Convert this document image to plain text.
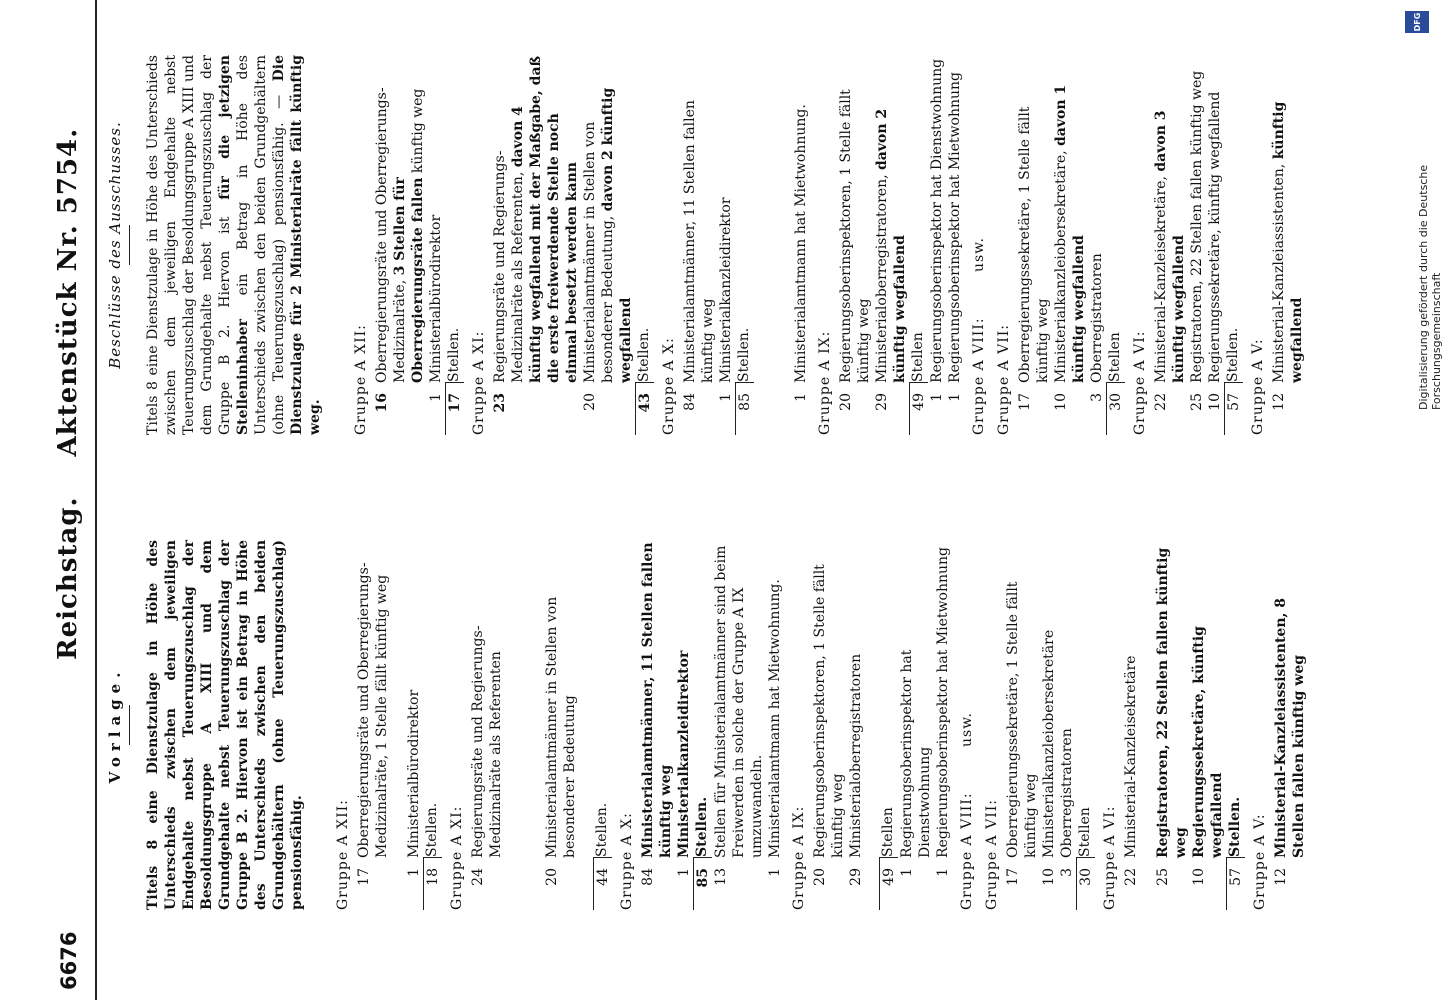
DFG
Digitalisierung gefördert durch die Deutsche Forschungsgemeinschaft
6676
Reichstag.Aktenstück Nr. 5754.
Vorlage. Titels 8 eine Dienstzulage in Höhe des Unterschieds zwischen dem jeweiligen Endgehalte nebst Teuerungszuschlag der Besoldungsgruppe A XIII und dem Grundgehalte nebst Teuerungszuschlag der Gruppe B 2. Hiervon ist ein Betrag in Höhe des Unterschieds zwischen den beiden Grundgehältern (ohne Teuerungszuschlag) pensionsfähig. Gruppe A XII: 17
Oberregierungsräte und Oberregierungs-Medizinalräte, 1 Stelle fällt künftig weg
1
Ministerialbürodirektor
18
Stellen. Gruppe A XI: 24
Regierungsräte und Regierungs-Medizinalräte als Referenten
20
Ministerialamtmänner in Stellen von besonderer Bedeutung
44
Stellen. Gruppe A X: 84
Ministerialamtmänner, 11 Stellen fallen künftig weg
1
Ministerialkanzleidirektor
85
Stellen.
13
Stellen für Ministerialamtmänner sind beim Freiwerden in solche der Gruppe A IX umzuwandeln.
1
Ministerialamtmann hat Mietwohnung. Gruppe A IX: 20
Regierungsoberinspektoren, 1 Stelle fällt künftig weg
29
Ministerialoberregistratoren
49
Stellen
1
Regierungsoberinspektor hat Dienstwohnung
1
Regierungsoberinspektor hat Mietwohnung Gruppe A VIII: usw.
Gruppe A VII: 17
Oberregierungssekretäre, 1 Stelle fällt künftig weg
10
Ministerialkanzleiobersekretäre
3
Oberregistratoren
30
Stellen Gruppe A VI: 22
Ministerial-Kanzleisekretäre
25
Registratoren, 22 Stellen fallen künftig weg
10
Regierungssekretäre, künftig wegfallend
57
Stellen. Gruppe A V: 12
Ministerial-Kanzleiassistenten, 8 Stellen fallen künftig weg
Beschlüsse des Ausschusses. Titels 8 eine Dienstzulage in Höhe des Unterschieds zwischen dem jeweiligen Endgehalte nebst Teuerungszuschlag der Besoldungsgruppe A XIII und dem Grundgehalte nebst Teuerungszuschlag der Gruppe B 2. Hiervon ist für die jetzigen Stelleninhaber ein Betrag in Höhe des Unterschieds zwischen den beiden Grundgehältern (ohne Teuerungszuschlag) pensionsfähig. — Die Dienstzulage für 2 Ministerialräte fällt künftig weg. Gruppe A XII: 16
Oberregierungsräte und Oberregierungs-Medizinalräte, 3 Stellen für Oberregierungsräte fallen künftig weg
1
Ministerialbürodirektor
17
Stellen. Gruppe A XI: 23
Regierungsräte und Regierungs-Medizinalräte als Referenten, davon 4 künftig wegfallend mit der Maßgabe, daß die erste freiwerdende Stelle noch einmal besetzt werden kann
20
Ministerialamtmänner in Stellen von besonderer Bedeutung, davon 2 künftig wegfallend
43
Stellen. Gruppe A X: 84
Ministerialamtmänner, 11 Stellen fallen künftig weg
1
Ministerialkanzleidirektor
85
Stellen.
1
Ministerialamtmann hat Mietwohnung. Gruppe A IX: 20
Regierungsoberinspektoren, 1 Stelle fällt künftig weg
29
Ministerialoberregistratoren, davon 2 künftig wegfallend
49
Stellen
1
Regierungsoberinspektor hat Dienstwohnung
1
Regierungsoberinspektor hat Mietwohnung Gruppe A VIII: usw.
Gruppe A VII: 17
Oberregierungssekretäre, 1 Stelle fällt künftig weg
10
Ministerialkanzleiobersekretäre, davon 1 künftig wegfallend
3
Oberregistratoren
30
Stellen Gruppe A VI: 22
Ministerial-Kanzleisekretäre, davon 3 künftig wegfallend
25
Registratoren, 22 Stellen fallen künftig weg
10
Regierungssekretäre, künftig wegfallend
57
Stellen. Gruppe A V: 12
Ministerial-Kanzleiassistenten, künftig wegfallend
